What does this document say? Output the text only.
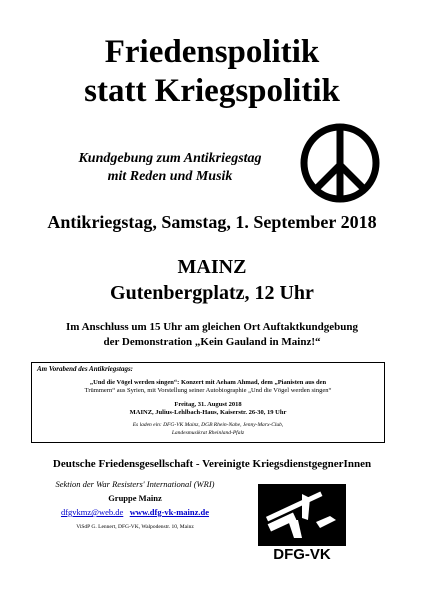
Friedenspolitik
statt Kriegspolitik
Kundgebung zum Antikriegstag
mit Reden und Musik
Antikriegstag, Samstag, 1. September 2018
MAINZ
Gutenbergplatz, 12 Uhr
Im Anschluss um 15 Uhr am gleichen Ort Auftaktkundgebung
der Demonstration „Kein Gauland in Mainz!“
Am Vorabend des Antikriegstags:
„Und die Vögel werden singen“: Konzert mit Aeham Ahmad, dem „Pianisten aus den
Trümmern“ aus Syrien, mit Vorstellung seiner Autobiographie „Und die Vögel werden singen“
Freitag, 31. August 2018
MAINZ, Julius-Lehlbach-Haus, Kaiserstr. 26-30, 19 Uhr
Es laden ein: DFG-VK Mainz, DGB Rhein-Nahe, Jenny-Marx-Club,
Landesmusikrat Rheinland-Pfalz
Deutsche Friedensgesellschaft - Vereinigte KriegsdienstgegnerInnen
Sektion der War Resisters' International (WRI)
Gruppe Mainz
dfgvkmz@web.de www.dfg-vk-mainz.de
ViSdP G. Lennert, DFG-VK, Walpodenstr. 10, Mainz
DFG-VK
